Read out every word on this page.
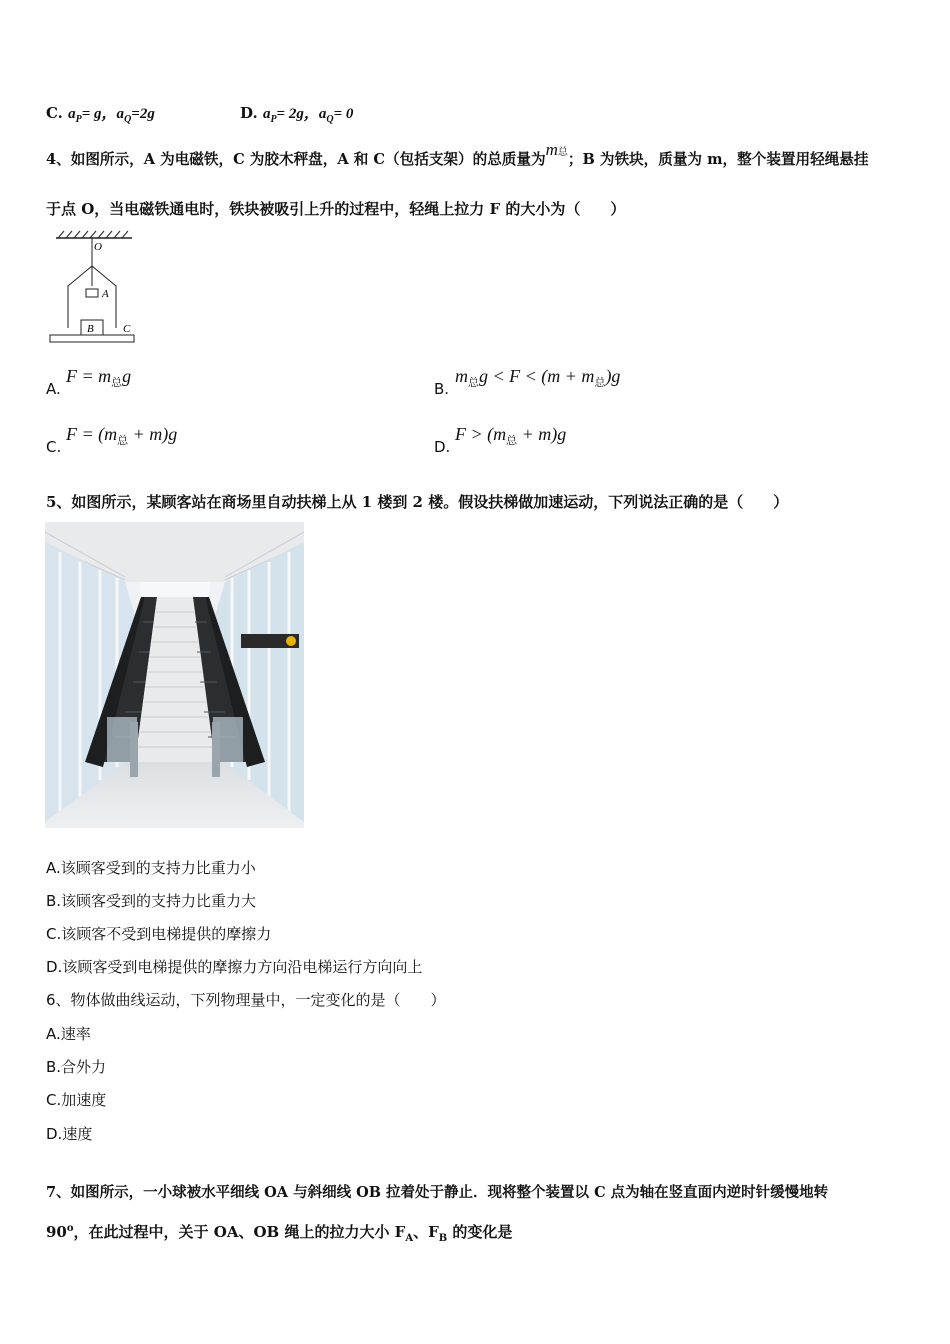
C. $a_P= g$，$a_Q=2g$	D. $a_P= 2g$，$a_Q= 0$
4、如图所示，A 为电磁铁，C 为胶木秤盘，A 和 C（包括支架）的总质量为m总；B 为铁块，质量为 m，整个装置用轻绳悬挂
于点 O，当电磁铁通电时，铁块被吸引上升的过程中，轻绳上拉力 F 的大小为（　　）
O
A
B	C
A.
$F = m_总g$
B.
$m_总g < F < (m + m_总)g$
C.
$F = (m_总 + m)g$
D.
$F > (m_总 + m)g$
5、如图所示，某顾客站在商场里自动扶梯上从 1 楼到 2 楼。假设扶梯做加速运动，下列说法正确的是（　　）
A.该顾客受到的支持力比重力小
B.该顾客受到的支持力比重力大
C.该顾客不受到电梯提供的摩擦力
D.该顾客受到电梯提供的摩擦力方向沿电梯运行方向向上
6、物体做曲线运动，下列物理量中，一定变化的是（　　）
A.速率
B.合外力
C.加速度
D.速度
7、如图所示，一小球被水平细线 OA 与斜细线 OB 拉着处于静止．现将整个装置以 C 点为轴在竖直面内逆时针缓慢地转
90$^o$，在此过程中，关于 OA、OB 绳上的拉力大小 $F_A$、$F_B$ 的变化是
